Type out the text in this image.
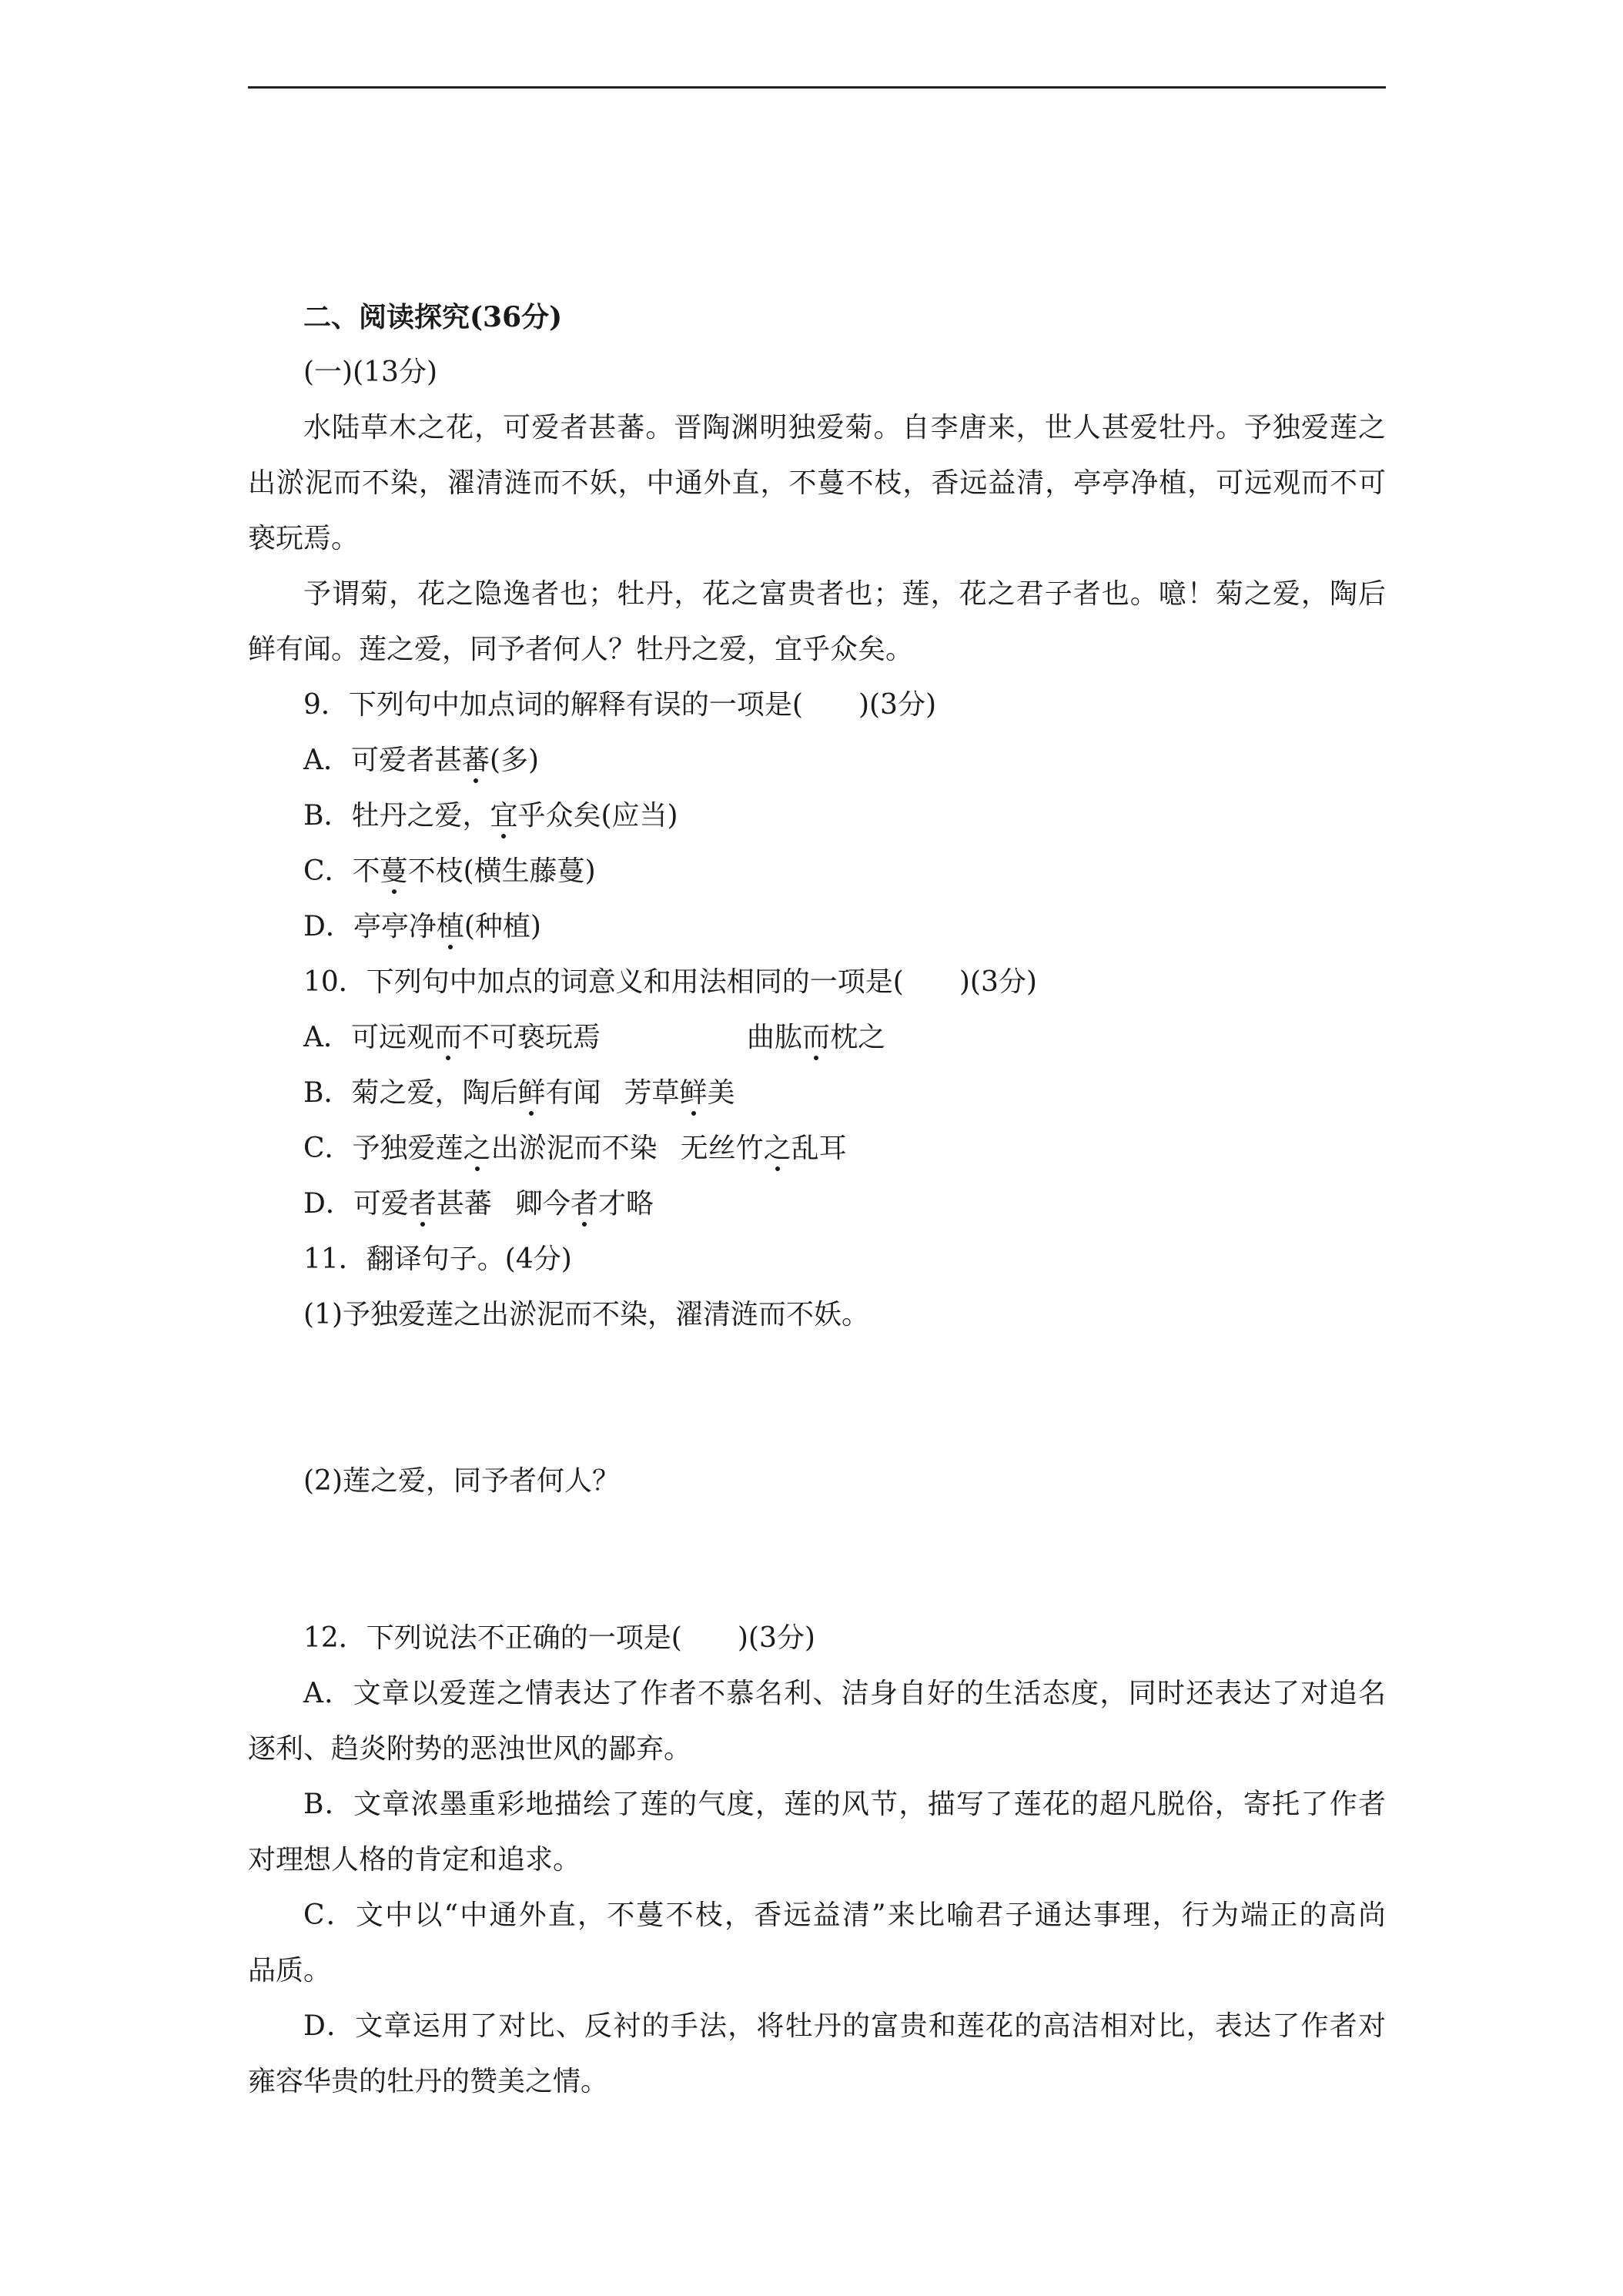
二、阅读探究(36分)
(一)(13分)
水陆草木之花，可爱者甚蕃。晋陶渊明独爱菊。自李唐来，世人甚爱牡丹。予独爱莲之
出淤泥而不染，濯清涟而不妖，中通外直，不蔓不枝，香远益清，亭亭净植，可远观而不可
亵玩焉。
予谓菊，花之隐逸者也；牡丹，花之富贵者也；莲，花之君子者也。噫！菊之爱，陶后
鲜有闻。莲之爱，同予者何人？牡丹之爱，宜乎众矣。
9．下列句中加点词的解释有误的一项是( )(3分)
A．可爱者甚蕃(多)
B．牡丹之爱，宜乎众矣(应当)
C．不蔓不枝(横生藤蔓)
D．亭亭净植(种植)
10．下列句中加点的词意义和用法相同的一项是( )(3分)
A．可远观而不可亵玩焉	曲肱而枕之
B．菊之爱，陶后鲜有闻 芳草鲜美
C．予独爱莲之出淤泥而不染 无丝竹之乱耳
D．可爱者甚蕃 卿今者才略
11．翻译句子。(4分)
(1)予独爱莲之出淤泥而不染，濯清涟而不妖。
(2)莲之爱，同予者何人？
12．下列说法不正确的一项是( )(3分)
A．文章以爱莲之情表达了作者不慕名利、洁身自好的生活态度，同时还表达了对追名
逐利、趋炎附势的恶浊世风的鄙弃。
B．文章浓墨重彩地描绘了莲的气度，莲的风节，描写了莲花的超凡脱俗，寄托了作者
对理想人格的肯定和追求。
C．文中以“中通外直，不蔓不枝，香远益清”来比喻君子通达事理，行为端正的高尚
品质。
D．文章运用了对比、反衬的手法，将牡丹的富贵和莲花的高洁相对比，表达了作者对
雍容华贵的牡丹的赞美之情。
